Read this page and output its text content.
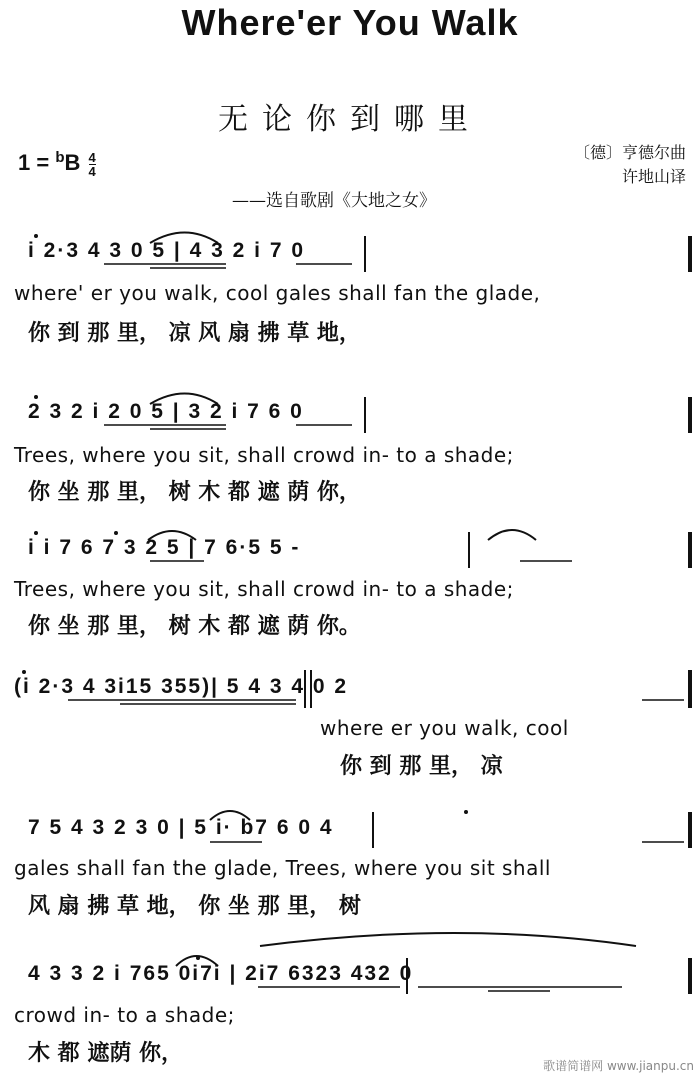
Where'er You Walk
无论你到哪里
$1 = ^bB \frac{4}{4}$	〔德〕亨德尔曲
许地山译
——选自歌剧《大地之女》
i 2·3 4 3 0 5 | 4 3 2 i 7 0
where' er you walk, cool gales shall fan the glade,
你 到 那 里， 凉 风 扇 拂 草 地，
2 3 2 i 2 0 5 | 3 2 i 7 6 0
Trees, where you sit, shall crowd in- to a shade;
你 坐 那 里， 树 木 都 遮 荫 你，
i i 7 6 7 3 2 5 | 7 6·5 5 -
Trees, where you sit, shall crowd in- to a shade;
你 坐 那 里， 树 木 都 遮 荫 你。
(i 2·3 4 3i15 355)| 5 4 3 4 0 2
where er you walk, cool
你 到 那 里， 凉
7 5 4 3 2 3 0 | 5 i· b7 6 0 4
gales shall fan the glade, Trees, where you sit shall
风 扇 拂 草 地， 你 坐 那 里， 树
4 3 3 2 i 765 0i7i | 2i7 6323 432 0
crowd in- to a shade;
木 都 遮荫 你，	歌谱简谱网 www.jianpu.cn
